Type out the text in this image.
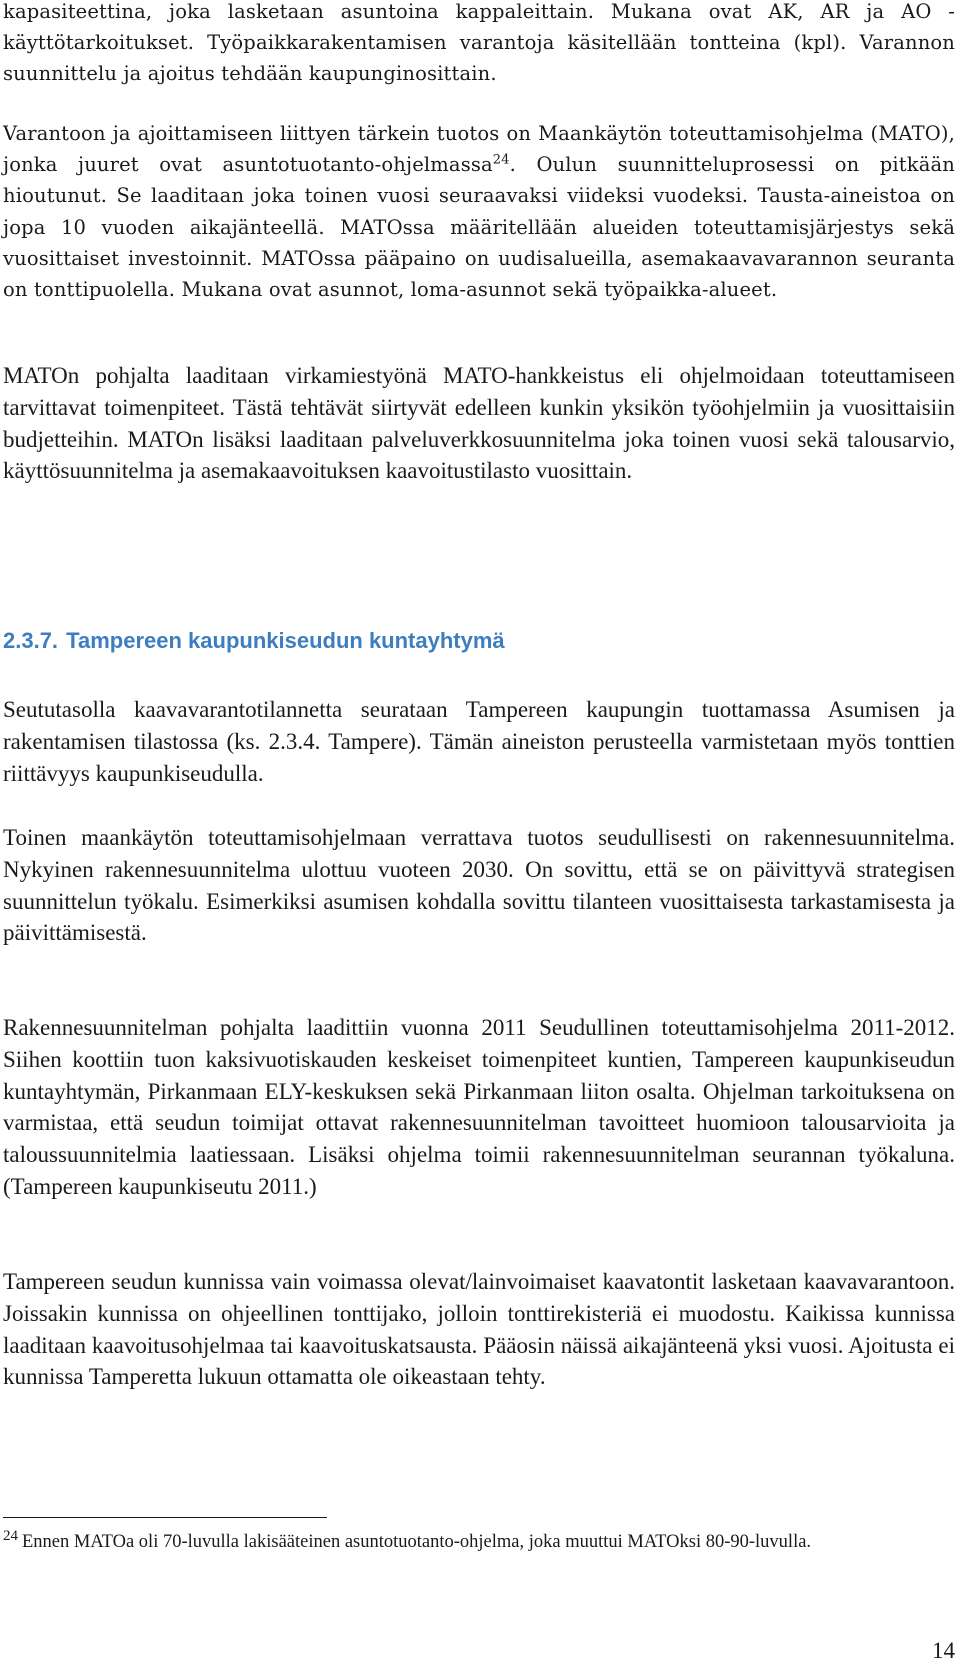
kapasiteettina, joka lasketaan asuntoina kappaleittain. Mukana ovat AK, AR ja AO -käyttötarkoitukset. Työpaikkarakentamisen varantoja käsitellään tontteina (kpl). Varannon suunnittelu ja ajoitus tehdään kaupunginosittain.

Varantoon ja ajoittamiseen liittyen tärkein tuotos on Maankäytön toteuttamisohjelma (MATO), jonka juuret ovat asuntotuotanto-ohjelmassa$^{24}$. Oulun suunnitteluprosessi on pitkään hioutunut. Se laaditaan joka toinen vuosi seuraavaksi viideksi vuodeksi. Tausta-aineistoa on jopa 10 vuoden aikajänteellä. MATOssa määritellään alueiden toteuttamisjärjestys sekä vuosittaiset investoinnit. MATOssa pääpaino on uudisalueilla, asemakaavavarannon seuranta on tonttipuolella. Mukana ovat asunnot, loma-asunnot sekä työpaikka-alueet.

MATOn pohjalta laaditaan virkamiestyönä MATO-hankkeistus eli ohjelmoidaan toteuttamiseen tarvittavat toimenpiteet. Tästä tehtävät siirtyvät edelleen kunkin yksikön työohjelmiin ja vuosittaisiin budjetteihin. MATOn lisäksi laaditaan palveluverkkosuunnitelma joka toinen vuosi sekä talousarvio, käyttösuunnitelma ja asemakaavoituksen kaavoitustilasto vuosittain.

2.3.7. Tampereen kaupunkiseudun kuntayhtymä

Seututasolla kaavavarantotilannetta seurataan Tampereen kaupungin tuottamassa Asumisen ja rakentamisen tilastossa (ks. 2.3.4. Tampere). Tämän aineiston perusteella varmistetaan myös tonttien riittävyys kaupunkiseudulla.

Toinen maankäytön toteuttamisohjelmaan verrattava tuotos seudullisesti on rakennesuunnitelma. Nykyinen rakennesuunnitelma ulottuu vuoteen 2030. On sovittu, että se on päivittyvä strategisen suunnittelun työkalu. Esimerkiksi asumisen kohdalla sovittu tilanteen vuosittaisesta tarkastamisesta ja päivittämisestä.

Rakennesuunnitelman pohjalta laadittiin vuonna 2011 Seudullinen toteuttamisohjelma 2011-2012. Siihen koottiin tuon kaksivuotiskauden keskeiset toimenpiteet kuntien, Tampereen kaupunkiseudun kuntayhtymän, Pirkanmaan ELY-keskuksen sekä Pirkanmaan liiton osalta. Ohjelman tarkoituksena on varmistaa, että seudun toimijat ottavat rakennesuunnitelman tavoitteet huomioon talousarvioita ja taloussuunnitelmia laatiessaan. Lisäksi ohjelma toimii rakennesuunnitelman seurannan työkaluna. (Tampereen kaupunkiseutu 2011.)

Tampereen seudun kunnissa vain voimassa olevat/lainvoimaiset kaavatontit lasketaan kaavavarantoon. Joissakin kunnissa on ohjeellinen tonttijako, jolloin tonttirekisteriä ei muodostu. Kaikissa kunnissa laaditaan kaavoitusohjelmaa tai kaavoituskatsausta. Pääosin näissä aikajänteenä yksi vuosi. Ajoitusta ei kunnissa Tamperetta lukuun ottamatta ole oikeastaan tehty.

$^{24}$ Ennen MATOa oli 70-luvulla lakisääteinen asuntotuotanto-ohjelma, joka muuttui MATOksi 80-90-luvulla.
14
